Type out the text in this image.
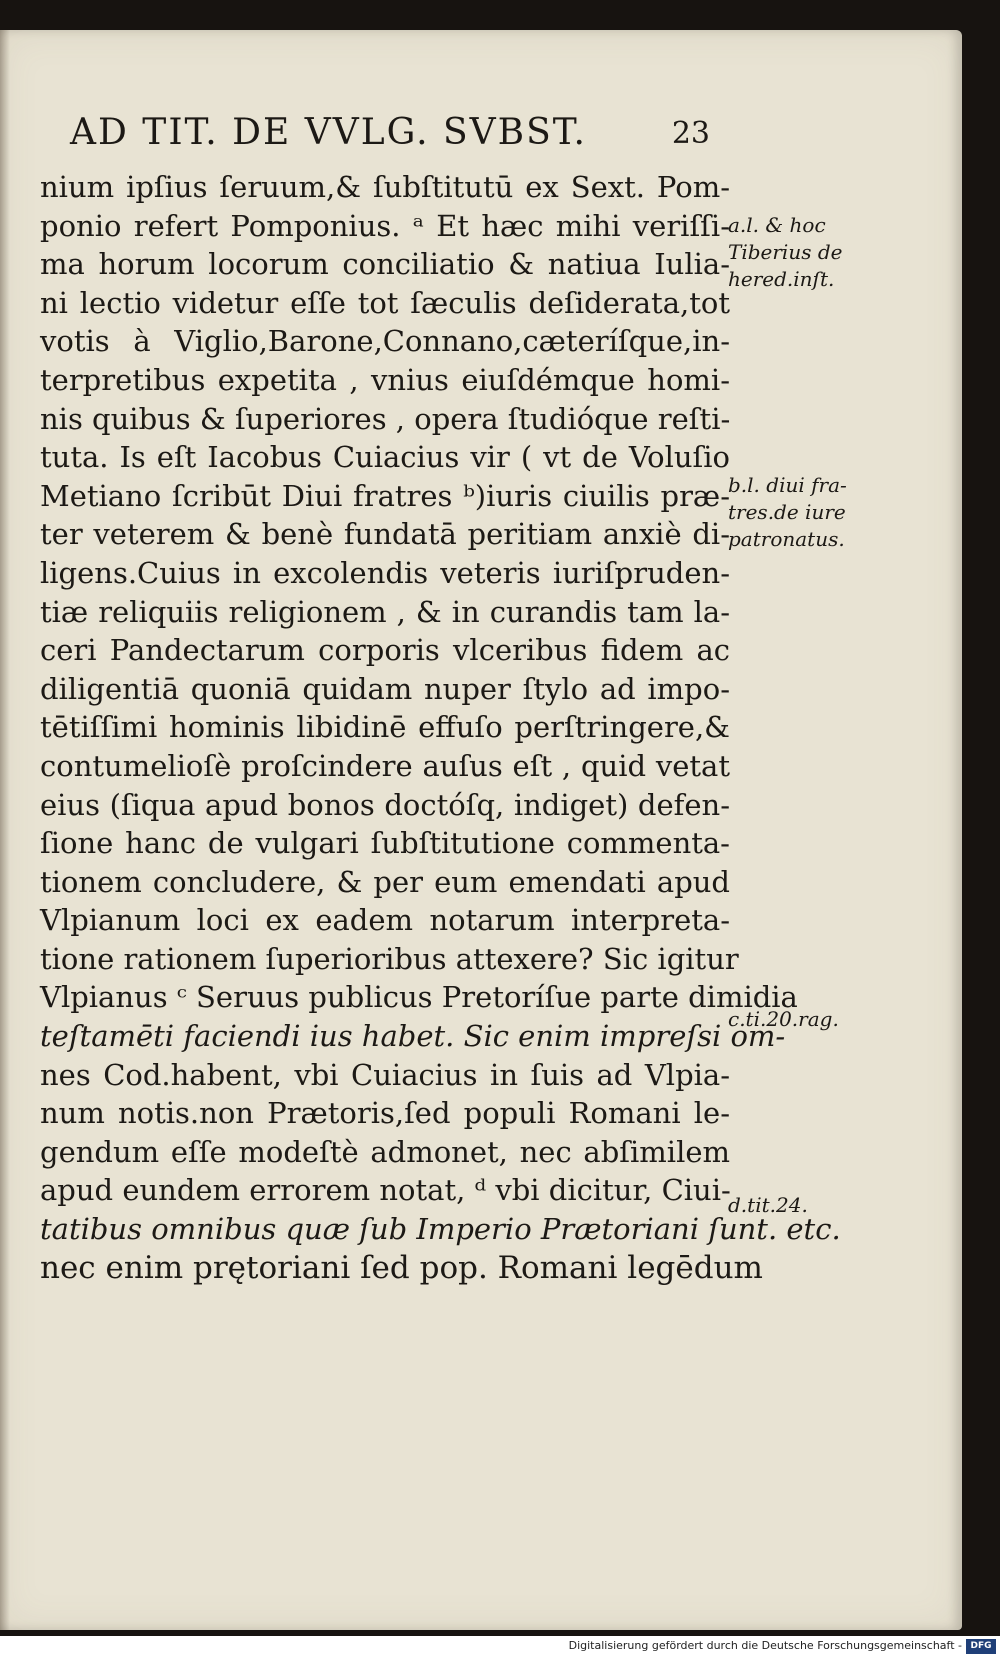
AD TIT. DE VVLG. SVBST.	23
nium ipſius ſeruum,& ſubſtitutū ex Sext. Pom-
ponio refert Pomponius. ᵃ Et hæc mihi veriſſi-
ma horum locorum conciliatio & natiua Iulia-
ni lectio videtur eſſe tot ſæculis deſiderata,tot
votis à Viglio,Barone,Connano,cæteríſque,in-
terpretibus expetita , vnius eiuſdémque homi-
nis quibus & ſuperiores , opera ſtudióque reſti-
tuta. Is eſt Iacobus Cuiacius vir ( vt de Voluſio
Metiano ſcribūt Diui fratres ᵇ)iuris ciuilis præ-
ter veterem & benè fundatā peritiam anxiè di-
ligens.Cuius in excolendis veteris iuriſpruden-
tiæ reliquiis religionem , & in curandis tam la-
ceri Pandectarum corporis vlceribus fidem ac
diligentiā quoniā quidam nuper ſtylo ad impo-
tētiſſimi hominis libidinē effuſo perſtringere,&
contumelioſè proſcindere auſus eſt , quid vetat
eius (ſiqua apud bonos doctóſq, indiget) defen-
ſione hanc de vulgari ſubſtitutione commenta-
tionem concludere, & per eum emendati apud
Vlpianum loci ex eadem notarum interpreta-
tione rationem ſuperioribus attexere? Sic igitur
Vlpianus ᶜ Seruus publicus Pretoríſue parte dimidia
teſtamēti faciendi ius habet. Sic enim impreſsi om-
nes Cod.habent, vbi Cuiacius in ſuis ad Vlpia-
num notis.non Prætoris,ſed populi Romani le-
gendum eſſe modeſtè admonet, nec abſimilem
apud eundem errorem notat, ᵈ vbi dicitur, Ciui-
tatibus omnibus quæ ſub Imperio Prætoriani ſunt. etc.
nec enim prętoriani ſed pop. Romani legēdum
a.l. & hoc
Tiberius de
hered.inſt.
b.l. diui fra-
tres.de iure
patronatus.
c.ti.20.rag.
d.tit.24.
Digitalisierung gefördert durch die Deutsche Forschungsgemeinschaft - DFG
